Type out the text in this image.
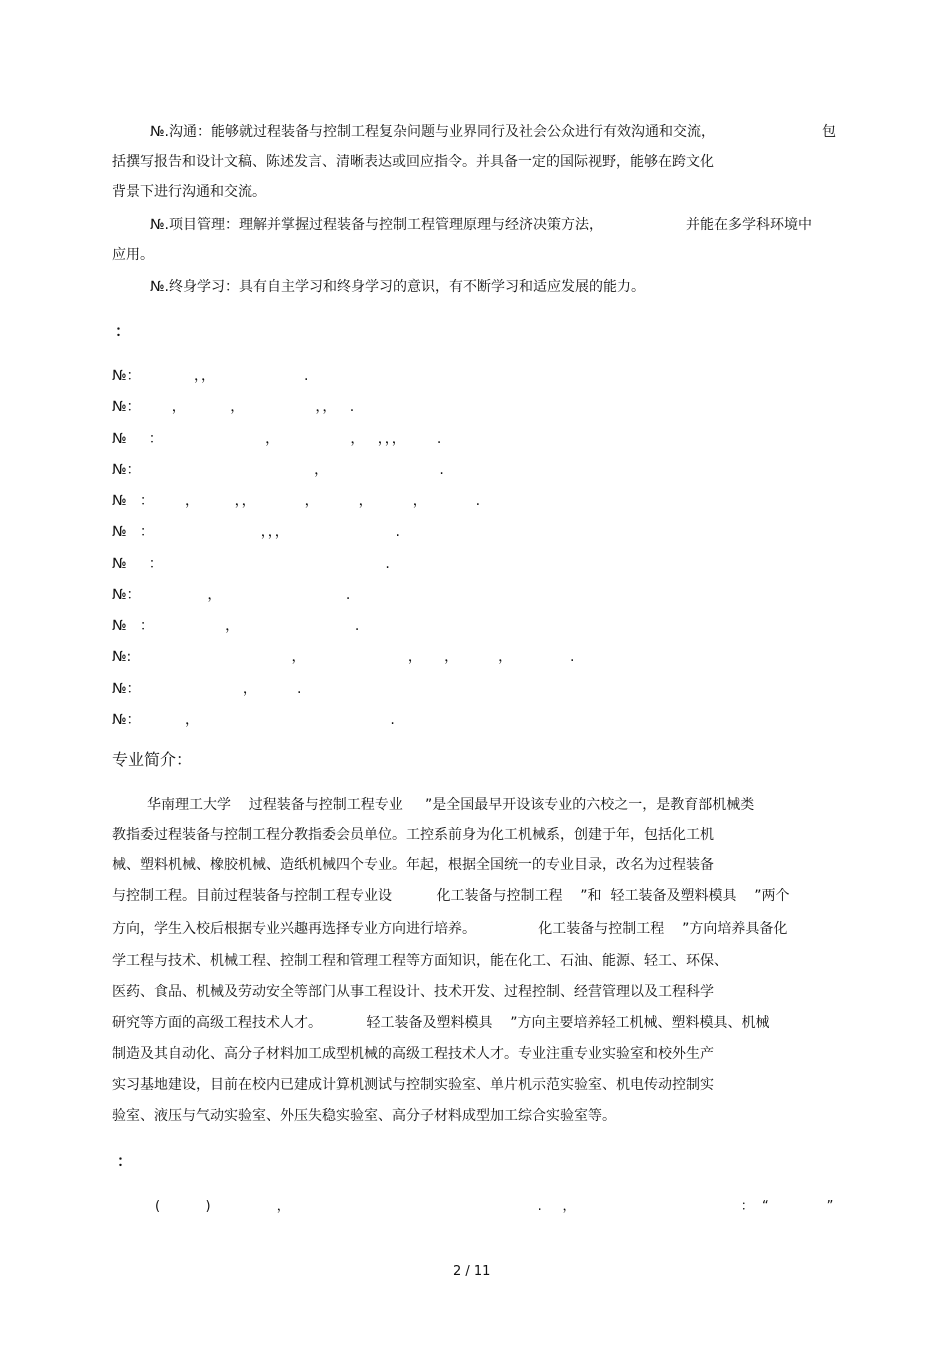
№.沟通：能够就过程装备与控制工程复杂问题与业界同行及社会公众进行有效沟通和交流，	包
括撰写报告和设计文稿、陈述发言、清晰表达或回应指令。并具备一定的国际视野，能够在跨文化
背景下进行沟通和交流。
№.项目管理：理解并掌握过程装备与控制工程管理原理与经济决策方法，	并能在多学科环境中
应用。
№.终身学习：具有自主学习和终身学习的意识，有不断学习和适应发展的能力。
：
№：            ，，                    .
№：       ，          ，                ，，   .
№     ：                       ，                ，   ，，，       .
№：                                       ，                         .
№   ：       ，        ，，           ，         ，         ，           .
№   ：                        ，，，                        .
№     ：                                                  .
№：               ，                            .
№   ：                ，                          .
№:                                    ，                       ，     ，         ，             .
№：                       ，         .
№：          ，                                           .
专业简介：
华南理工大学    过程装备与控制工程专业     ”是全国最早开设该专业的六校之一，是教育部机械类
教指委过程装备与控制工程分教指委会员单位。工控系前身为化工机械系，创建于年，包括化工机
械、塑料机械、橡胶机械、造纸机械四个专业。年起，根据全国统一的专业目录，改名为过程装备
与控制工程。目前过程装备与控制工程专业设          化工装备与控制工程    ”和  轻工装备及塑料模具    ”两个
方向，学生入校后根据专业兴趣再选择专业方向进行培养。              化工装备与控制工程    ”方向培养具备化
学工程与技术、机械工程、控制工程和管理工程等方面知识，能在化工、石油、能源、轻工、环保、
医药、食品、机械及劳动安全等部门从事工程设计、技术开发、过程控制、经营管理以及工程科学
研究等方面的高级工程技术人才。          轻工装备及塑料模具    ”方向主要培养轻工机械、塑料模具、机械
制造及其自动化、高分子材料加工成型机械的高级工程技术人才。专业注重专业实验室和校外生产
实习基地建设，目前在校内已建成计算机测试与控制实验室、单片机示范实验室、机电传动控制实
验室、液压与气动实验室、外压失稳实验室、高分子材料成型加工综合实验室等。
：
(           )                ，                                                            .     ，                                        ：  “              ”
2 / 11
